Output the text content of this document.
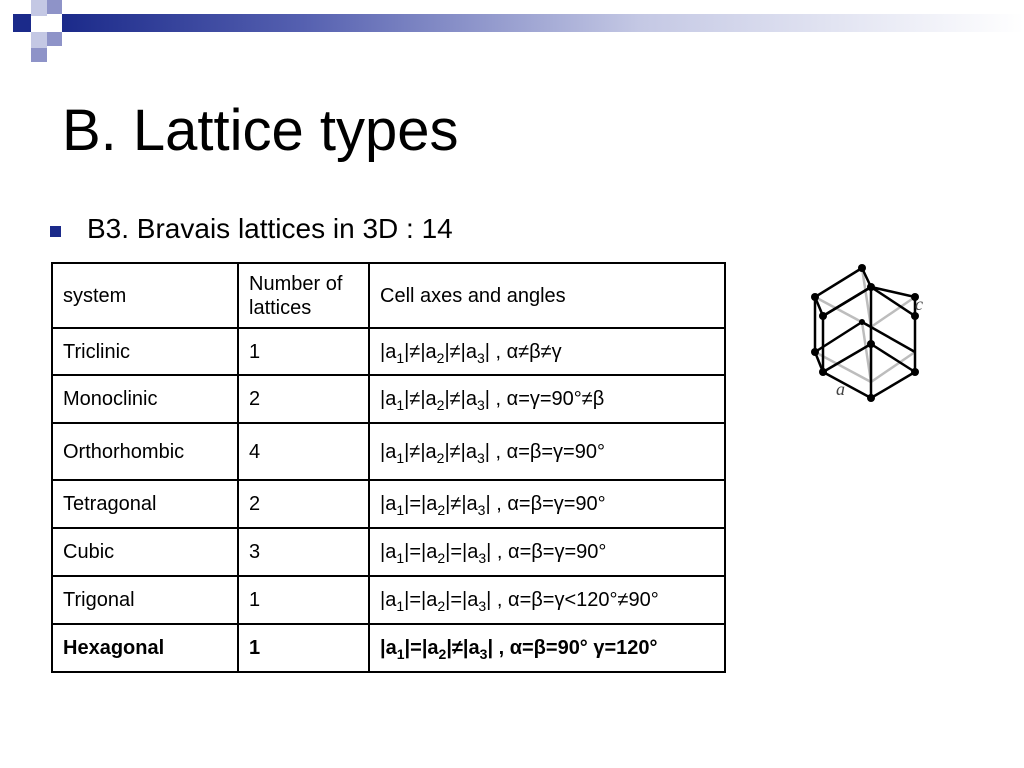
B. Lattice types
B3. Bravais lattices in 3D : 14
system	Number of lattices	Cell axes and angles
Triclinic	1	$|a_1|\ne|a_2|\ne|a_3|$ , α≠β≠γ
Monoclinic	2	$|a_1|\ne|a_2|\ne|a_3|$ , α=γ=90°≠β
Orthorhombic	4	$|a_1|\ne|a_2|\ne|a_3|$ , α=β=γ=90°
Tetragonal	2	$|a_1|=|a_2|\ne|a_3|$ , α=β=γ=90°
Cubic	3	$|a_1|=|a_2|=|a_3|$ , α=β=γ=90°
Trigonal	1	$|a_1|=|a_2|=|a_3|$ , α=β=γ<120°≠90°
Hexagonal	1	$|a_1|=|a_2|\ne|a_3|$ , α=β=90° γ=120°
c
a
